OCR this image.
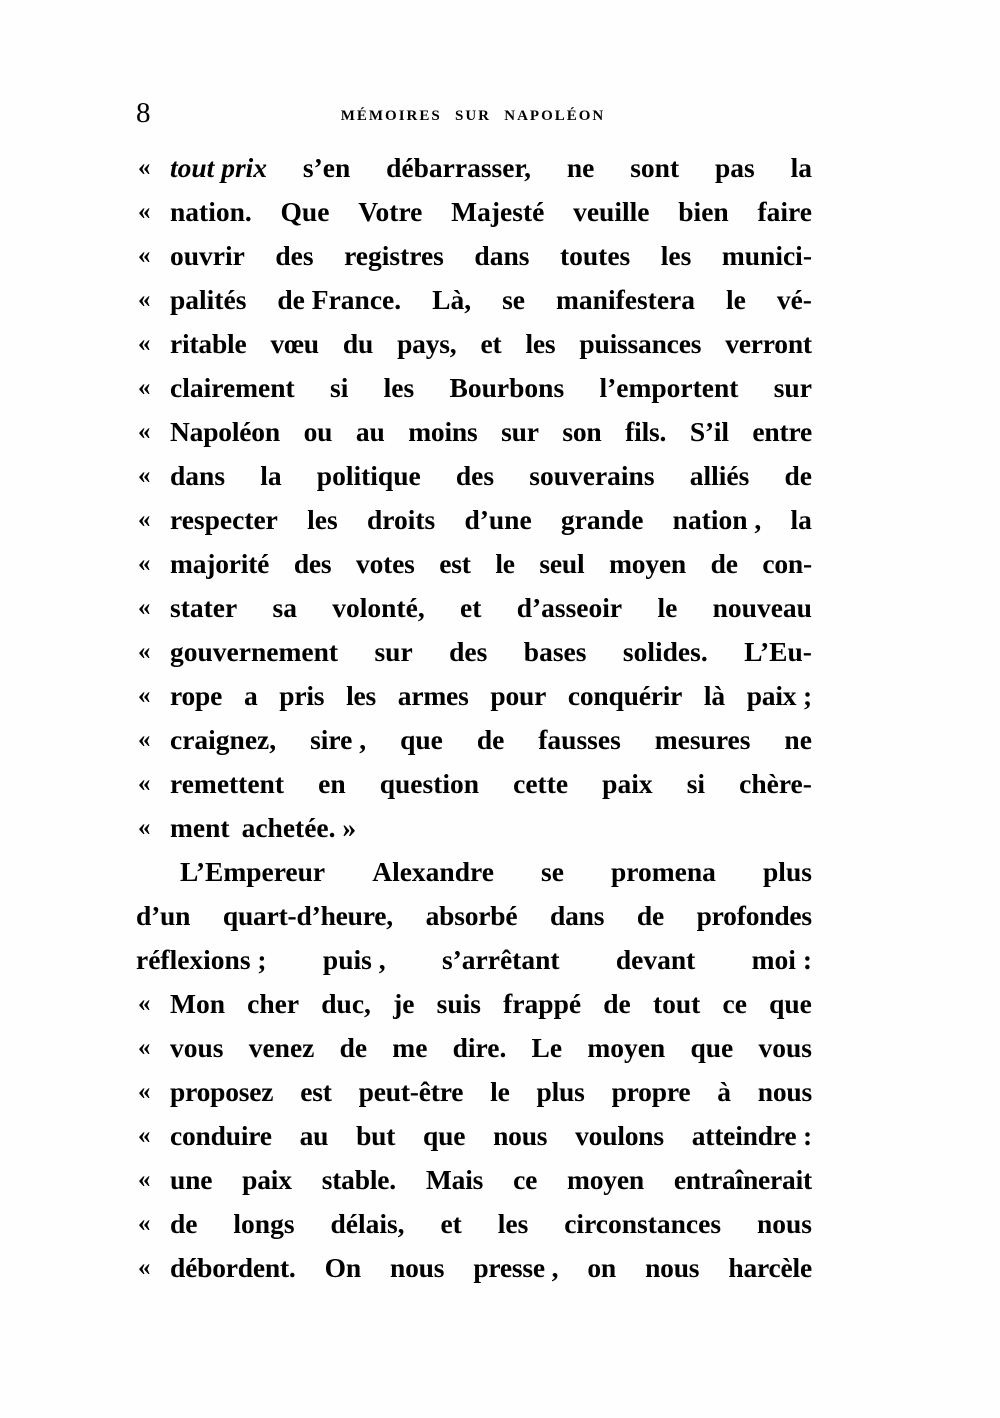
8	mémoires sur napoléon
« tout prix s’en débarrasser, ne sont pas la
« nation. Que Votre Majesté veuille bien faire
« ouvrir des registres dans toutes les munici-
« palités de France. Là, se manifestera le vé-
« ritable vœu du pays, et les puissances verront
« clairement si les Bourbons l’emportent sur
« Napoléon ou au moins sur son fils. S’il entre
« dans la politique des souverains alliés de
« respecter les droits d’une grande nation , la
« majorité des votes est le seul moyen de con-
« stater sa volonté, et d’asseoir le nouveau
« gouvernement sur des bases solides. L’Eu-
« rope a pris les armes pour conquérir là paix ;
« craignez, sire , que de fausses mesures ne
« remettent en question cette paix si chère-
« ment achetée. »
L’Empereur Alexandre se promena plus
d’un quart-d’heure, absorbé dans de profondes
réflexions ; puis , s’arrêtant devant moi :
« Mon cher duc, je suis frappé de tout ce que
« vous venez de me dire. Le moyen que vous
« proposez est peut-être le plus propre à nous
« conduire au but que nous voulons atteindre :
« une paix stable. Mais ce moyen entraînerait
« de longs délais, et les circonstances nous
« débordent. On nous presse , on nous harcèle
